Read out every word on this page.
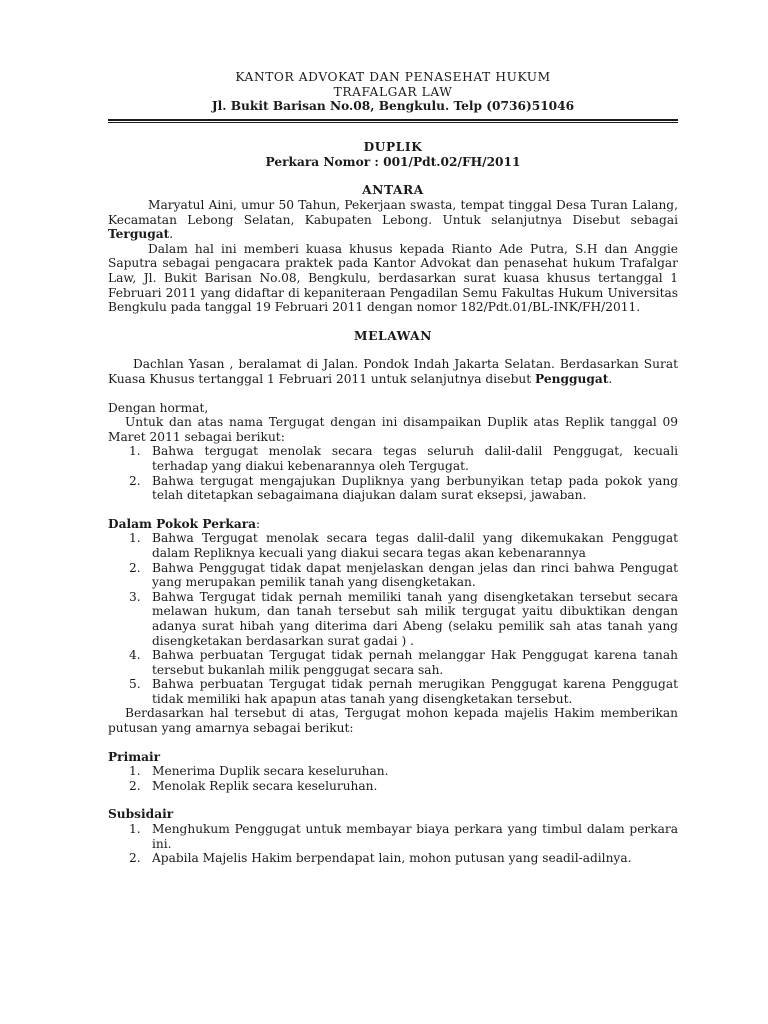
KANTOR ADVOKAT DAN PENASEHAT HUKUM

TRAFALGAR LAW

Jl. Bukit Barisan No.08, Bengkulu. Telp (0736)51046

DUPLIK

Perkara Nomor : 001/Pdt.02/FH/2011

ANTARA

Maryatul Aini, umur 50 Tahun, Pekerjaan swasta, tempat tinggal Desa Turan Lalang, Kecamatan Lebong Selatan, Kabupaten Lebong. Untuk selanjutnya Disebut sebagai Tergugat.

Dalam hal ini memberi kuasa khusus kepada Rianto Ade Putra, S.H dan Anggie Saputra sebagai pengacara praktek pada Kantor Advokat dan penasehat hukum Trafalgar Law, Jl. Bukit Barisan No.08, Bengkulu, berdasarkan surat kuasa khusus tertanggal 1 Februari 2011 yang didaftar di kepaniteraan Pengadilan Semu Fakultas Hukum Universitas Bengkulu pada tanggal 19 Februari 2011 dengan nomor 182/Pdt.01/BL-INK/FH/2011.

MELAWAN

Dachlan Yasan , beralamat di Jalan. Pondok Indah Jakarta Selatan. Berdasarkan Surat Kuasa Khusus tertanggal 1 Februari 2011 untuk selanjutnya disebut Penggugat.

Dengan hormat,

Untuk dan atas nama Tergugat dengan ini disampaikan Duplik atas Replik tanggal 09 Maret 2011 sebagai berikut:

1. Bahwa tergugat menolak secara tegas seluruh dalil-dalil Penggugat, kecuali terhadap yang diakui kebenarannya oleh Tergugat.
2. Bahwa tergugat mengajukan Dupliknya yang berbunyikan tetap pada pokok yang telah ditetapkan sebagaimana diajukan dalam surat eksepsi, jawaban.

Dalam Pokok Perkara:

1. Bahwa Tergugat menolak secara tegas dalil-dalil yang dikemukakan Penggugat dalam Repliknya kecuali yang diakui secara tegas akan kebenarannya
2. Bahwa Penggugat tidak dapat menjelaskan dengan jelas dan rinci bahwa Pengugat yang merupakan pemilik tanah yang disengketakan.
3. Bahwa Tergugat tidak pernah memiliki tanah yang disengketakan tersebut secara melawan hukum, dan tanah tersebut sah milik tergugat yaitu dibuktikan dengan adanya surat hibah yang diterima dari Abeng (selaku pemilik sah atas tanah yang disengketakan berdasarkan surat gadai ) .
4. Bahwa perbuatan Tergugat tidak pernah melanggar Hak Penggugat karena tanah tersebut bukanlah milik penggugat secara sah.
5. Bahwa perbuatan Tergugat tidak pernah merugikan Penggugat karena Penggugat tidak memiliki hak apapun atas tanah yang disengketakan tersebut.

Berdasarkan hal tersebut di atas, Tergugat mohon kepada majelis Hakim memberikan putusan yang amarnya sebagai berikut:

Primair

1. Menerima Duplik secara keseluruhan.
2. Menolak Replik secara keseluruhan.

Subsidair

1. Menghukum Penggugat untuk membayar biaya perkara yang timbul dalam perkara ini.
2. Apabila Majelis Hakim berpendapat lain, mohon putusan yang seadil-adilnya.
